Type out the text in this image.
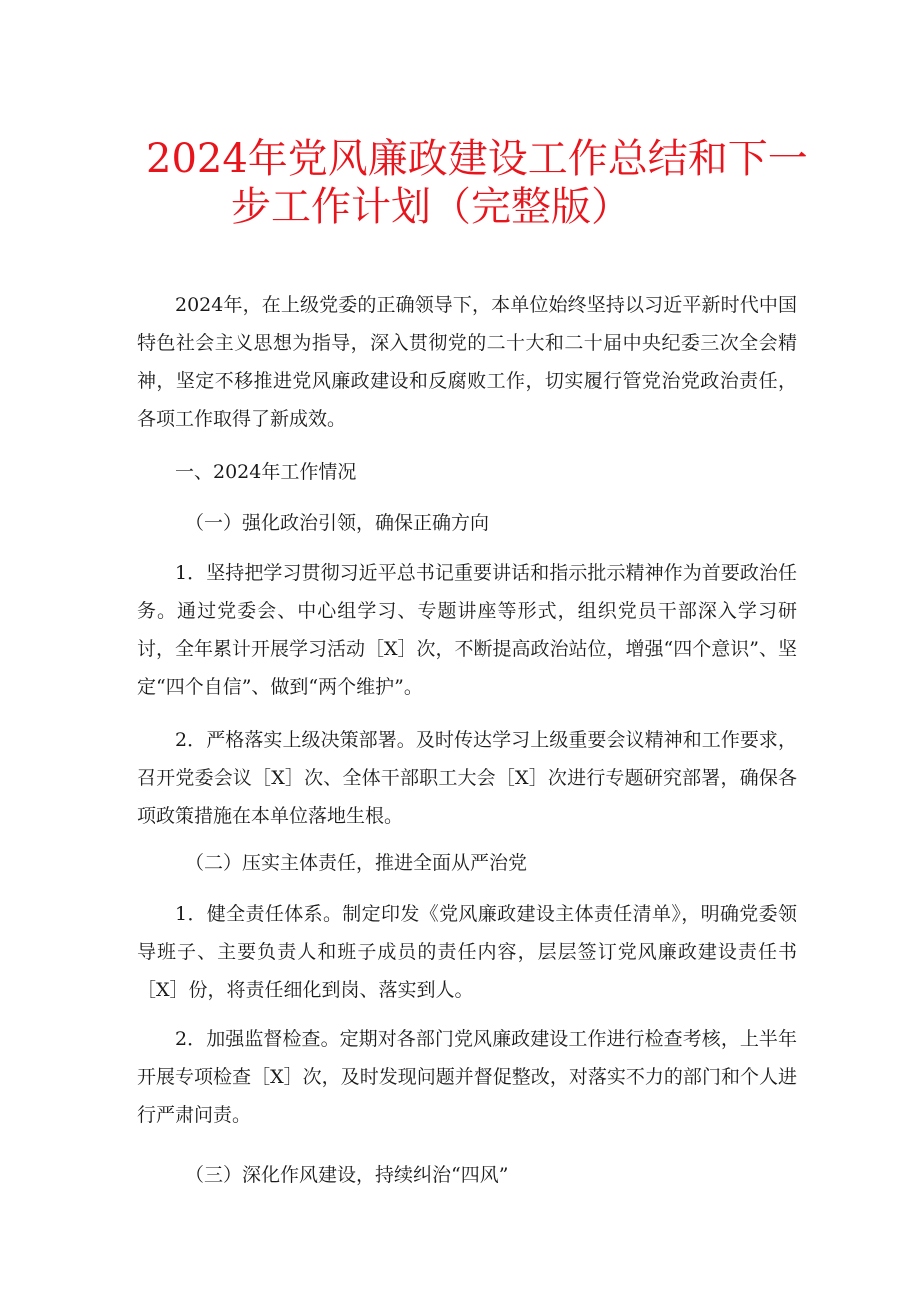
2024年党风廉政建设工作总结和下一
步工作计划（完整版）

2024年，在上级党委的正确领导下，本单位始终坚持以习近平新时代中国特色社会主义思想为指导，深入贯彻党的二十大和二十届中央纪委三次全会精神，坚定不移推进党风廉政建设和反腐败工作，切实履行管党治党政治责任，各项工作取得了新成效。

一、2024年工作情况

（一）强化政治引领，确保正确方向

1．坚持把学习贯彻习近平总书记重要讲话和指示批示精神作为首要政治任务。通过党委会、中心组学习、专题讲座等形式，组织党员干部深入学习研讨，全年累计开展学习活动［X］次，不断提高政治站位，增强“四个意识”、坚定“四个自信”、做到“两个维护”。

2．严格落实上级决策部署。及时传达学习上级重要会议精神和工作要求，召开党委会议［X］次、全体干部职工大会［X］次进行专题研究部署，确保各项政策措施在本单位落地生根。

（二）压实主体责任，推进全面从严治党

1．健全责任体系。制定印发《党风廉政建设主体责任清单》，明确党委领导班子、主要负责人和班子成员的责任内容，层层签订党风廉政建设责任书［X］份，将责任细化到岗、落实到人。

2．加强监督检查。定期对各部门党风廉政建设工作进行检查考核，上半年开展专项检查［X］次，及时发现问题并督促整改，对落实不力的部门和个人进行严肃问责。

（三）深化作风建设，持续纠治“四风”
